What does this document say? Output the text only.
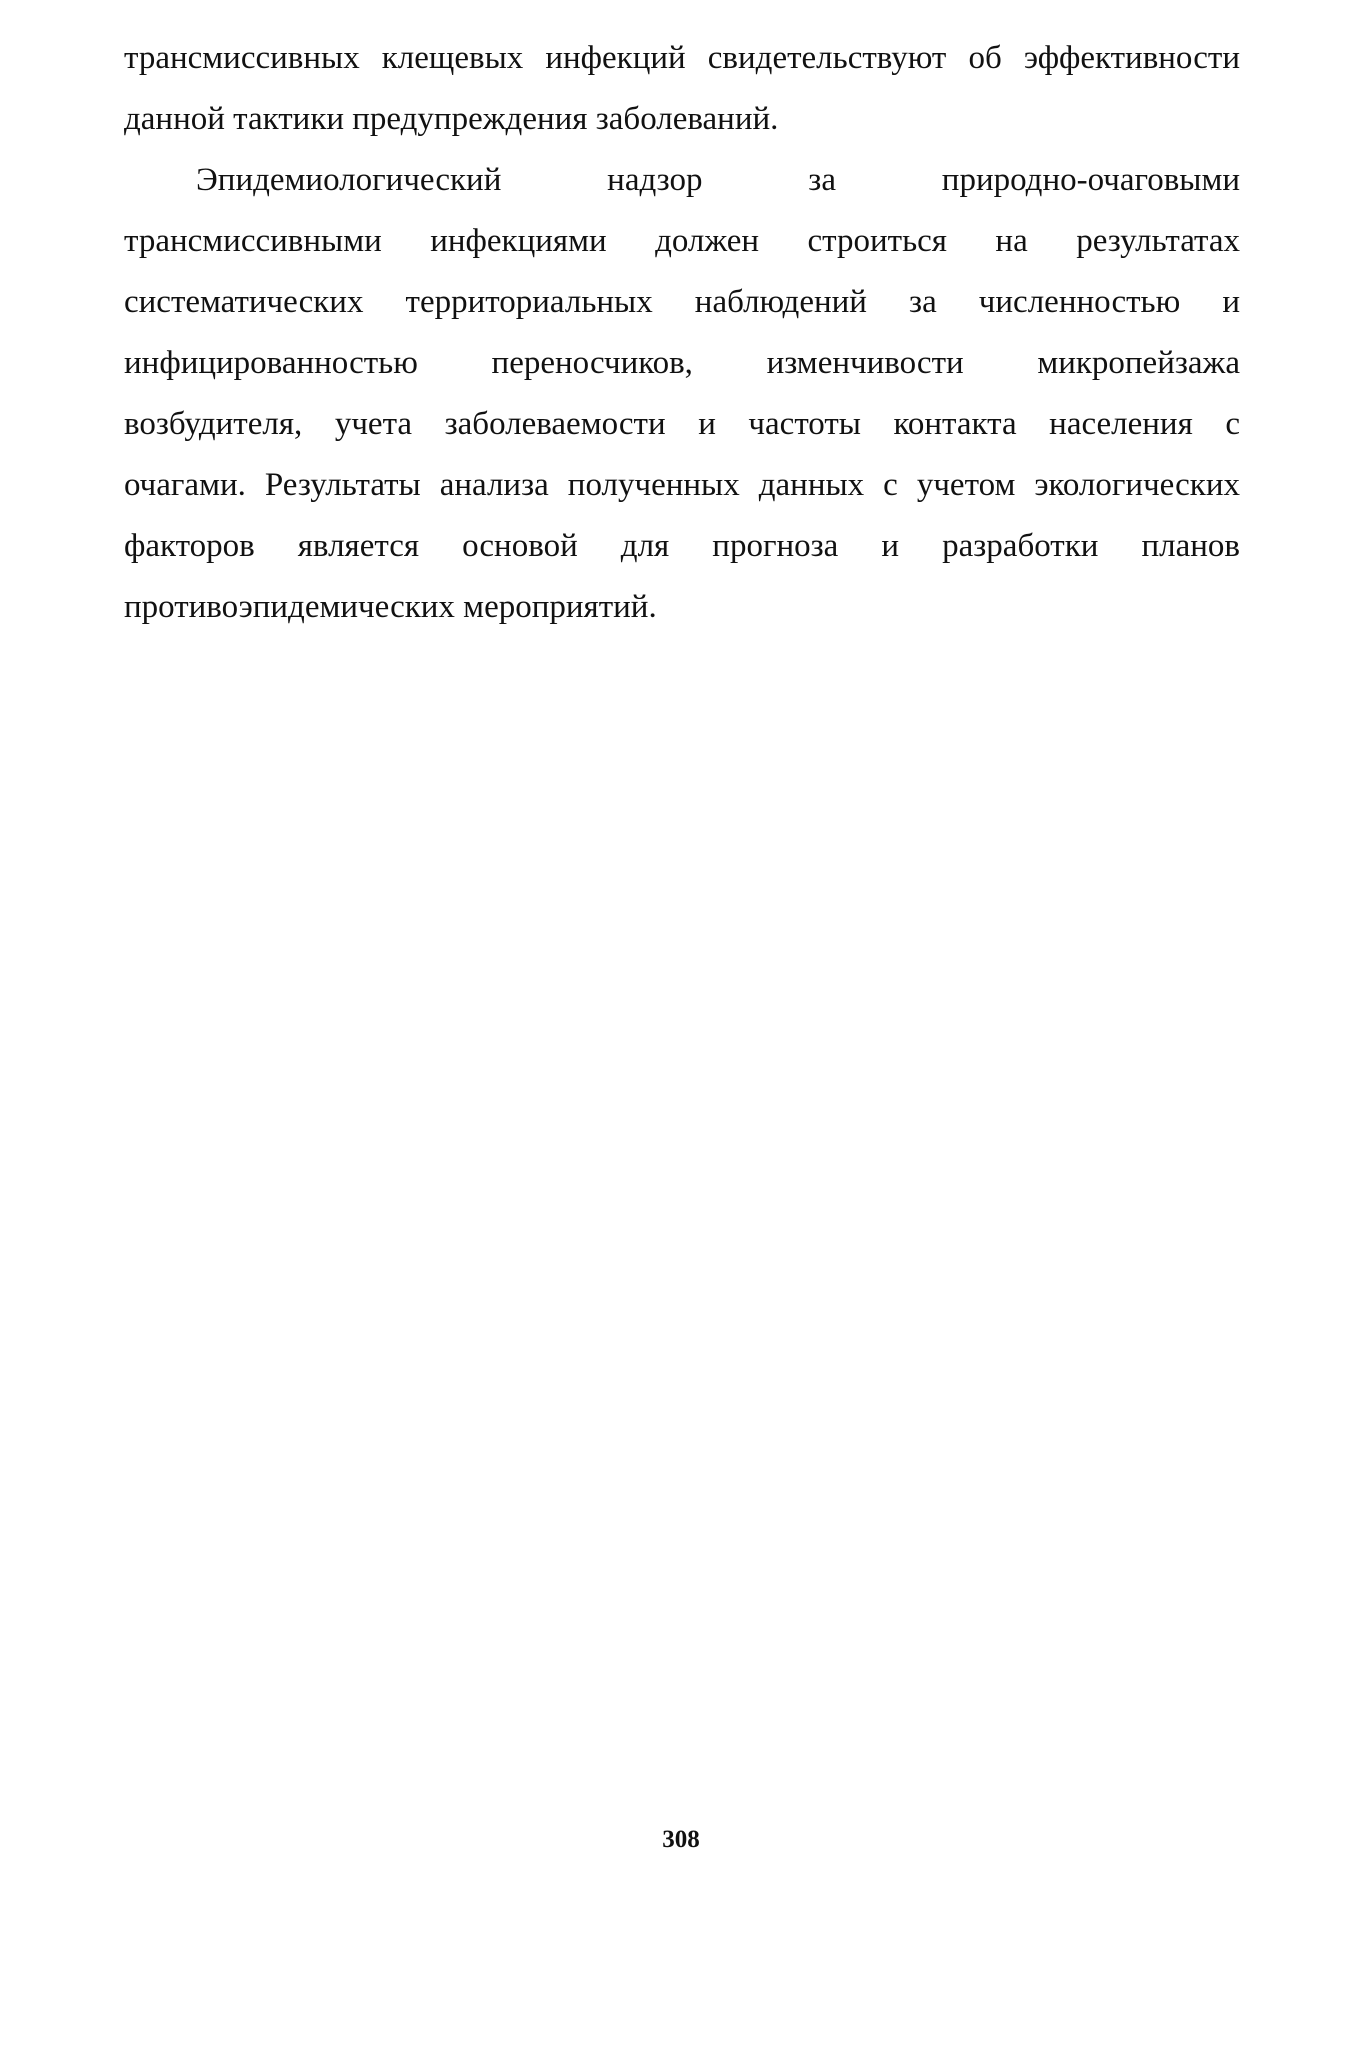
трансмиссивных клещевых инфекций свидетельствуют об эффективности
данной тактики предупреждения заболеваний.
Эпидемиологический надзор за природно-очаговыми
трансмиссивными инфекциями должен строиться на результатах
систематических территориальных наблюдений за численностью и
инфицированностью переносчиков, изменчивости микропейзажа
возбудителя, учета заболеваемости и частоты контакта населения с
очагами. Результаты анализа полученных данных с учетом экологических
факторов является основой для прогноза и разработки планов
противоэпидемических мероприятий.
308
